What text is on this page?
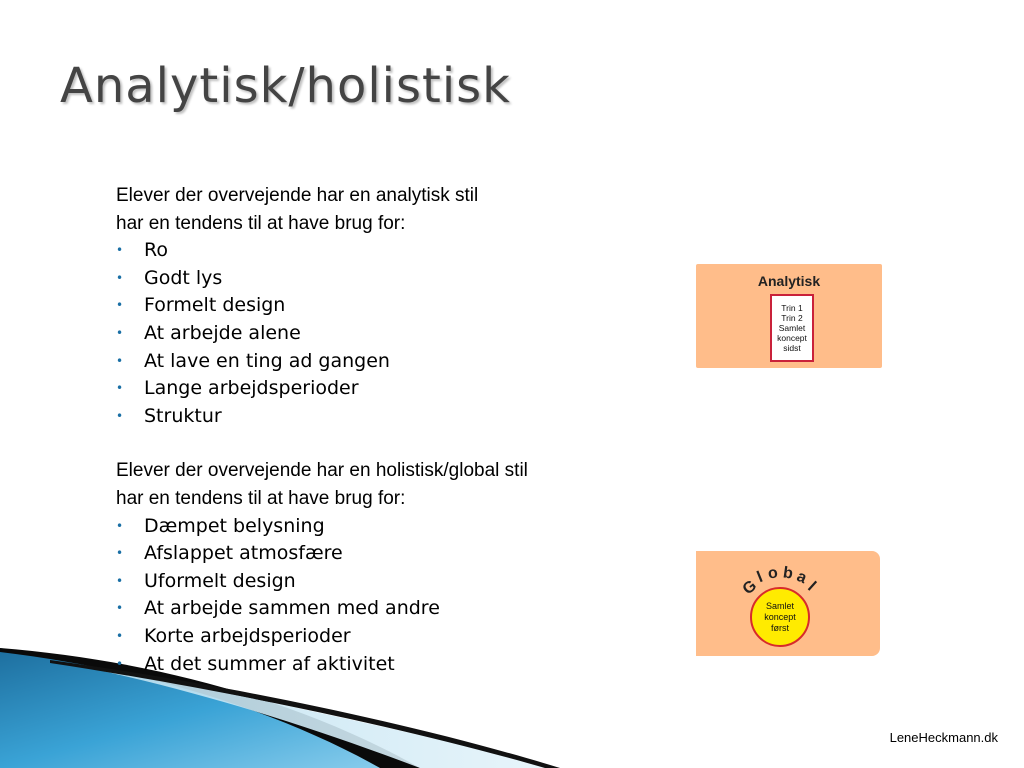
Analytisk/holistisk
Elever der overvejende har en analytisk stil
har en tendens til at have brug for:
• Ro
• Godt lys
• Formelt design
• At arbejde alene
• At lave en ting ad gangen
• Lange arbejdsperioder
• Struktur
Elever der overvejende har en holistisk/global stil
har en tendens til at have brug for:
• Dæmpet belysning
• Afslappet atmosfære
• Uformelt design
• At arbejde sammen med andre
• Korte arbejdsperioder
• At det summer af aktivitet
Analytisk
Trin 1
Trin 2
Samlet
koncept
sidst
G
l o b a
l
Samlet
koncept
først
LeneHeckmann.dk
